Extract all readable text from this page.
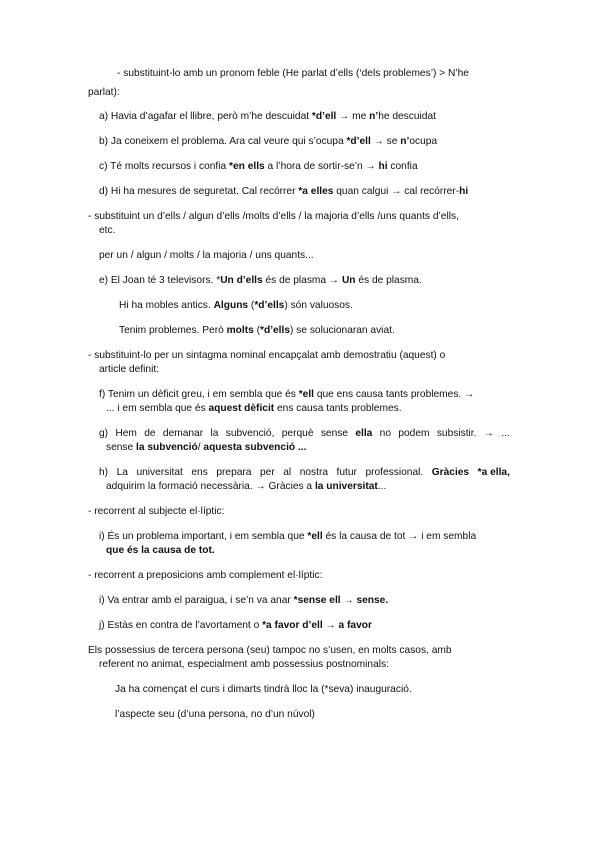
- substituint-lo amb un pronom feble (He parlat d’ells (‘dels problemes’) > N’he
parlat):
a) Havia d’agafar el llibre, però m’he descuidat *d’ell → me n’he descuidat
b) Ja coneixem el problema. Ara cal veure qui s’ocupa *d’ell → se n’ocupa
c) Té molts recursos i confia *en ells a l’hora de sortir-se’n → hi confia
d) Hi ha mesures de seguretat. Cal recórrer *a elles quan calgui → cal recórrer-hi
- substituint un d’ells / algun d’ells /molts d’ells / la majoria d’ells /uns quants d’ells,
etc.
per un / algun / molts / la majoria / uns quants...
e) El Joan té 3 televisors. *Un d’ells és de plasma → Un és de plasma.
Hi ha mobles antics. Alguns (*d’ells) són valuosos.
Tenim problemes. Però molts (*d’ells) se solucionaran aviat.
- substituint-lo per un sintagma nominal encapçalat amb demostratiu (aquest) o
article definit:
f) Tenim un dèficit greu, i em sembla que és *ell que ens causa tants problemes. →
... i em sembla que és aquest dèficit ens causa tants problemes.
g) Hem de demanar la subvenció, perquè sense ella no podem subsistir. → ...
sense la subvenció/ aquesta subvenció ...
h) La universitat ens prepara per al nostra futur professional. Gràcies *a ella,
adquirim la formació necessària. → Gràcies a la universitat...
- recorrent al subjecte el·líptic:
i) És un problema important, i em sembla que *ell és la causa de tot → i em sembla
que és la causa de tot.
- recorrent a preposicions amb complement el·líptic:
i) Va entrar amb el paraigua, i se’n va anar *sense ell → sense.
j) Estàs en contra de l’avortament o *a favor d’ell → a favor
Els possessius de tercera persona (seu) tampoc no s’usen, en molts casos, amb
referent no animat, especialment amb possessius postnominals:
Ja ha començat el curs i dimarts tindrà lloc la (*seva) inauguració.
l’aspecte seu (d’una persona, no d’un núvol)
